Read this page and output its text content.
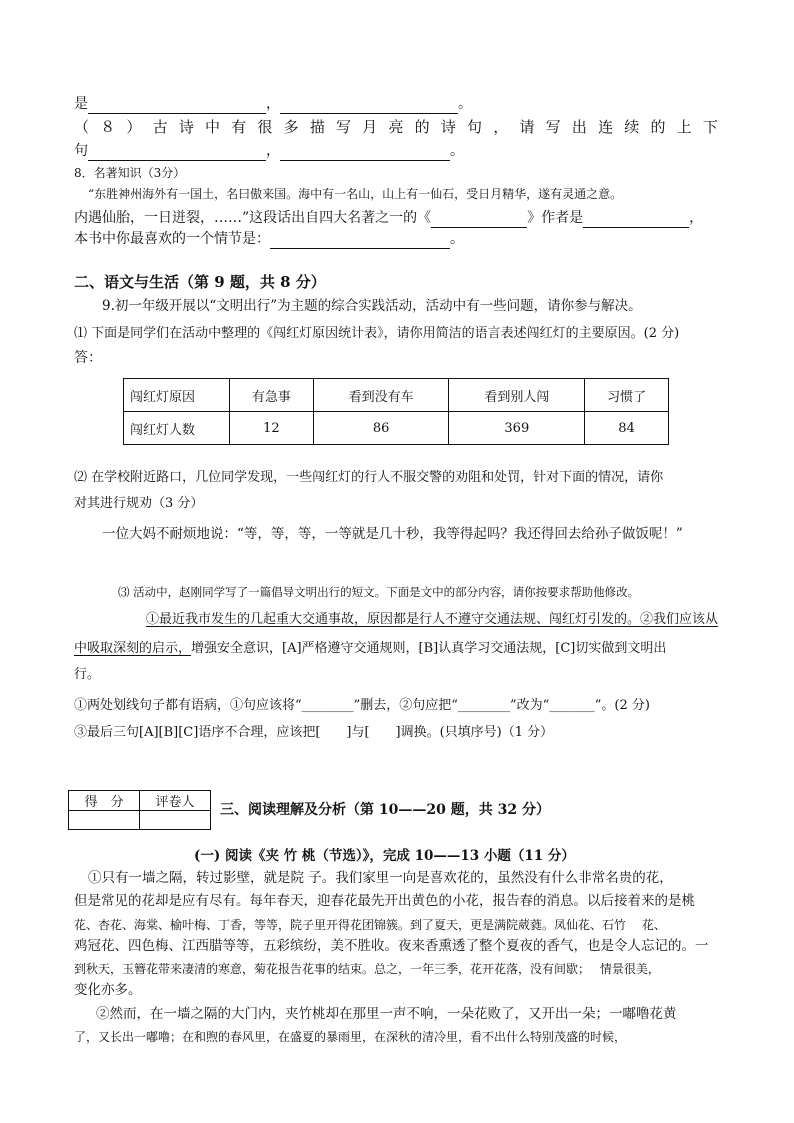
是	，	。
（ ８ ） 古 诗 中 有 很 多 描 写 月 亮 的 诗 句 ， 请 写 出 连 续 的 上 下
句	，	。
8．名著知识（3分）
“东胜神州海外有一国土，名曰傲来国。海中有一名山，山上有一仙石，受日月精华，遂有灵通之意。
内遇仙胎，一日迸裂，……”这段话出自四大名著之一的《	》作者是	，
本书中你最喜欢的一个情节是：	。
二、语文与生活（第 9 题，共 8 分）
9.初一年级开展以“文明出行”为主题的综合实践活动，活动中有一些问题，请你参与解决。
⑴ 下面是同学们在活动中整理的《闯红灯原因统计表》，请你用简洁的语言表述闯红灯的主要原因。(2 分)
答：
闯红灯原因	有急事	看到没有车	看到别人闯	习惯了
闯红灯人数	12	86	369	84
⑵ 在学校附近路口，几位同学发现，一些闯红灯的行人不服交警的劝阻和处罚，针对下面的情况，请你
对其进行规劝（3 分）
一位大妈不耐烦地说：“等，等，等，一等就是几十秒，我等得起吗？我还得回去给孙子做饭呢！”
⑶ 活动中，赵刚同学写了一篇倡导文明出行的短文。下面是文中的部分内容，请你按要求帮助他修改。
①最近我市发生的几起重大交通事故，原因都是行人不遵守交通法规、闯红灯引发的。②我们应该从
中吸取深刻的启示，增强安全意识，[A]严格遵守交通规则，[B]认真学习交通法规，[C]切实做到文明出
行。
①两处划线句子都有语病，①句应该将“________”删去，②句应把“________”改为“_______”。(2 分)
③最后三句[A][B][C]语序不合理，应该把[　　]与[　　]调换。(只填序号)（1 分）
得　分	评卷人
	三、阅读理解及分析（第 10——20 题，共 32 分）
(一) 阅读《夹 竹 桃（节选）》，完成 10——13 小题（11 分）
①只有一墙之隔，转过影壁，就是院 子。我们家里一向是喜欢花的，虽然没有什么非常名贵的花，
但是常见的花却是应有尽有。每年春天，迎春花最先开出黄色的小花，报告春的消息。以后接着来的是桃
花、杏花、海棠、榆叶梅、丁香，等等，院子里开得花团锦簇。到了夏天，更是满院葳蕤。凤仙花、石竹　 花、
鸡冠花、四色梅、江西腊等等，五彩缤纷，美不胜收。夜来香熏透了整个夏夜的香气，也是令人忘记的。一
到秋天，玉簪花带来凄清的寒意，菊花报告花事的结束。总之，一年三季，花开花落，没有间歇；　 情景很美，
变化亦多。
②然而，在一墙之隔的大门内，夹竹桃却在那里一声不响，一朵花败了，又开出一朵；一嘟噜花黄
了，又长出一嘟噜；在和煦的春风里，在盛夏的暴雨里，在深秋的清冷里，看不出什么特别茂盛的时候，
